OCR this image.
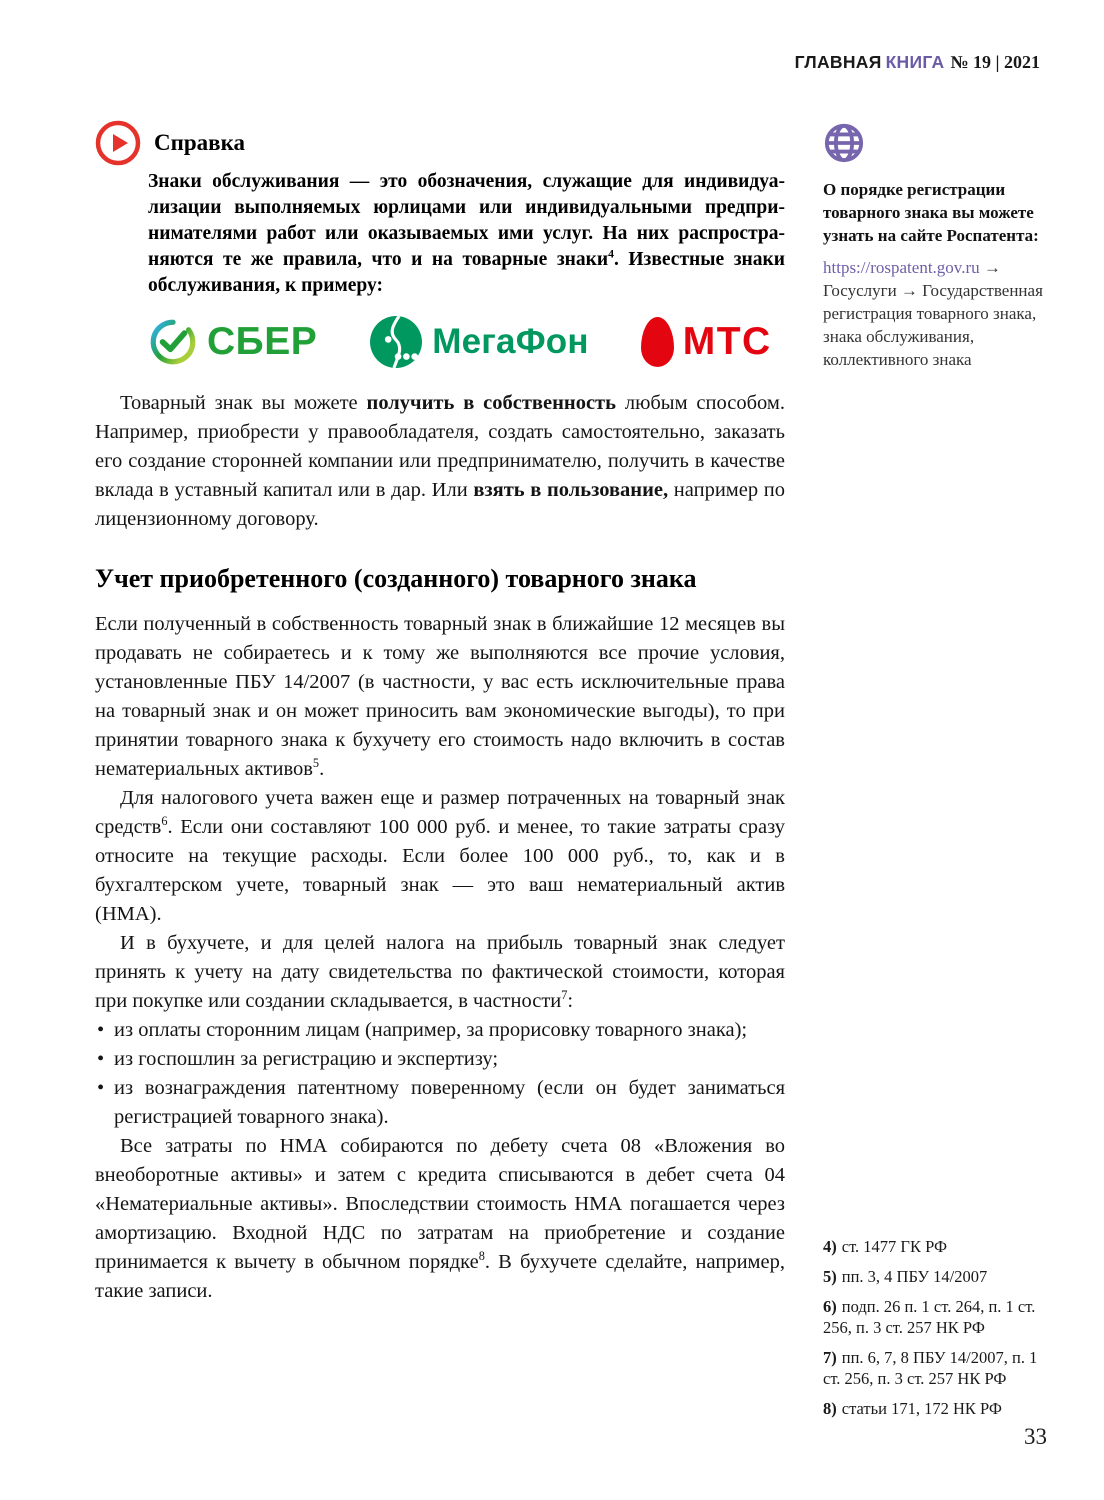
ГЛАВНАЯ КНИГА № 19 | 2021
Справка

Знаки обслуживания — это обозначения, служащие для индивидуализации выполняемых юрлицами или индивидуальными предпринимателями работ или оказываемых ими услуг. На них распространяются те же правила, что и на товарные знаки$^4$. Известные знаки обслуживания, к примеру:

СБЕР	МегаФон МТС

Товарный знак вы можете получить в собственность любым способом. Например, приобрести у правообладателя, создать самостоятельно, заказать его создание сторонней компании или предпринимателю, получить в качестве вклада в уставный капитал или в дар. Или взять в пользование, например по лицензионному договору.

Учет приобретенного (созданного) товарного знака

Если полученный в собственность товарный знак в ближайшие 12 месяцев вы продавать не собираетесь и к тому же выполняются все прочие условия, установленные ПБУ 14/2007 (в частности, у вас есть исключительные права на товарный знак и он может приносить вам экономические выгоды), то при принятии товарного знака к бухучету его стоимость надо включить в состав нематериальных активов$^5$.

Для налогового учета важен еще и размер потраченных на товарный знак средств$^6$. Если они составляют 100 000 руб. и менее, то такие затраты сразу относите на текущие расходы. Если более 100 000 руб., то, как и в бухгалтерском учете, товарный знак — это ваш нематериальный актив (НМА).

И в бухучете, и для целей налога на прибыль товарный знак следует принять к учету на дату свидетельства по фактической стоимости, которая при покупке или создании складывается, в частности$^7$:

• из оплаты сторонним лицам (например, за прорисовку товарного знака);
• из госпошлин за регистрацию и экспертизу;
• из вознаграждения патентному поверенному (если он будет заниматься регистрацией товарного знака).

Все затраты по НМА собираются по дебету счета 08 «Вложения во внеоборотные активы» и затем с кредита списываются в дебет счета 04 «Нематериальные активы». Впоследствии стоимость НМА погашается через амортизацию. Входной НДС по затратам на приобретение и создание принимается к вычету в обычном порядке$^8$. В бухучете сделайте, например, такие записи.

О порядке регистрации товарного знака вы можете узнать на сайте Роспатента:

https://rospatent.gov.ru → Госуслуги → Государственная регистрация товарного знака, знака обслуживания, коллективного знака

4) ст. 1477 ГК РФ

5) пп. 3, 4 ПБУ 14/2007

6) подп. 26 п. 1 ст. 264, п. 1 ст. 256, п. 3 ст. 257 НК РФ

7) пп. 6, 7, 8 ПБУ 14/2007, п. 1 ст. 256, п. 3 ст. 257 НК РФ

8) статьи 171, 172 НК РФ

33
